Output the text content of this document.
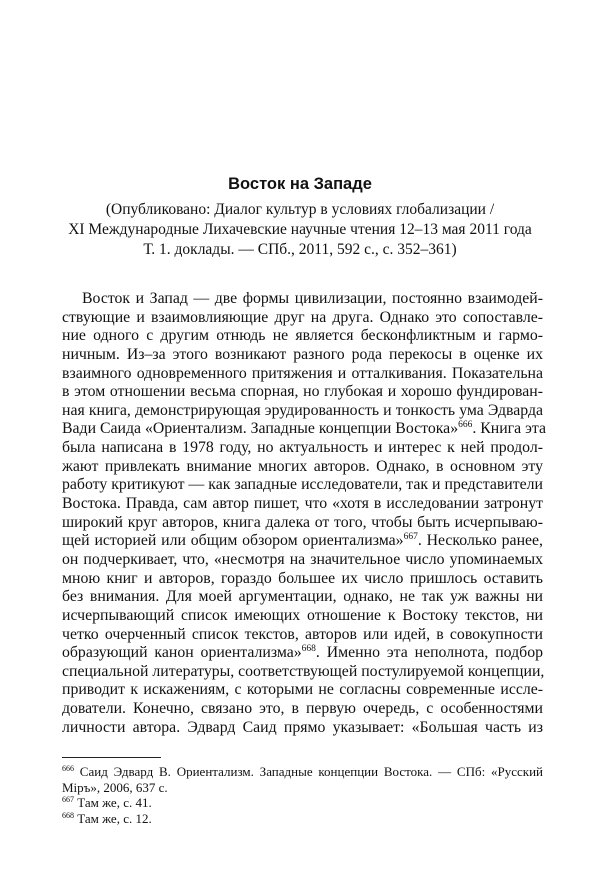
Восток на Западе
(Опубликовано: Диалог культур в условиях глобализации /
XI Международные Лихачевские научные чтения 12–13 мая 2011 года
Т. 1. доклады. — СПб., 2011, 592 с., с. 352–361)
Восток и Запад — две формы цивилизации, постоянно взаимодей-
ствующие и взаимовлияющие друг на друга. Однако это сопоставле-
ние одного с другим отнюдь не является бесконфликтным и гармо-
ничным. Из–за этого возникают разного рода перекосы в оценке их
взаимного одновременного притяжения и отталкивания. Показательна
в этом отношении весьма спорная, но глубокая и хорошо фундирован-
ная книга, демонстрирующая эрудированность и тонкость ума Эдварда
Вади Саида «Ориентализм. Западные концепции Востока»$^{666}$. Книга эта
была написана в 1978 году, но актуальность и интерес к ней продол-
жают привлекать внимание многих авторов. Однако, в основном эту
работу критикуют — как западные исследователи, так и представители
Востока. Правда, сам автор пишет, что «хотя в исследовании затронут
широкий круг авторов, книга далека от того, чтобы быть исчерпываю-
щей историей или общим обзором ориентализма»$^{667}$. Несколько ранее,
он подчеркивает, что, «несмотря на значительное число упоминаемых
мною книг и авторов, гораздо большее их число пришлось оставить
без внимания. Для моей аргументации, однако, не так уж важны ни
исчерпывающий список имеющих отношение к Востоку текстов, ни
четко очерченный список текстов, авторов или идей, в совокупности
образующий канон ориентализма»$^{668}$. Именно эта неполнота, подбор
специальной литературы, соответствующей постулируемой концепции,
приводит к искажениям, с которыми не согласны современные иссле-
дователи. Конечно, связано это, в первую очередь, с особенностями
личности автора. Эдвард Саид прямо указывает: «Большая часть из
$^{666}$ Саид Эдвард В. Ориентализм. Западные концепции Востока. — СПб: «Русский
Міръ», 2006, 637 с.
$^{667}$ Там же, с. 41.
$^{668}$ Там же, с. 12.
